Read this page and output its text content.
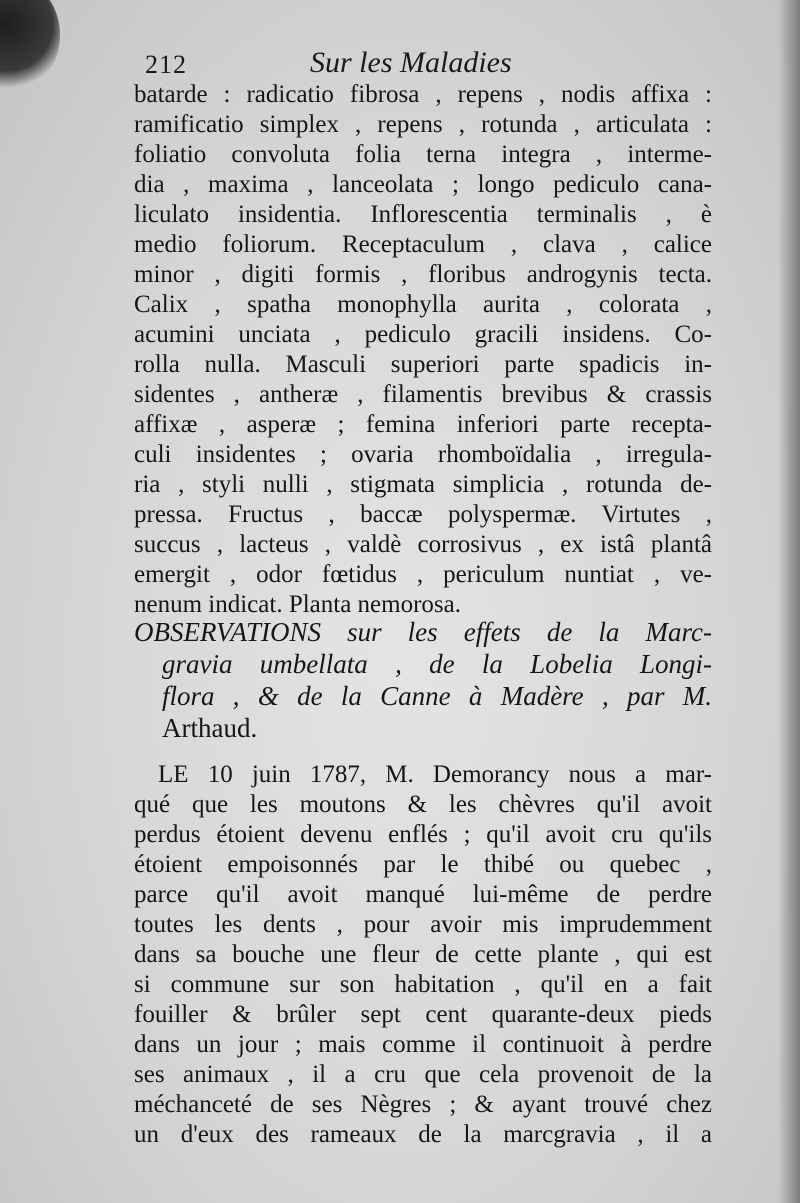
212	Sur les Maladies
batarde : radicatio fibrosa , repens , nodis affixa :
ramificatio simplex , repens , rotunda , articulata :
foliatio convoluta folia terna integra , interme-
dia , maxima , lanceolata ; longo pediculo cana-
liculato insidentia. Inflorescentia terminalis , è
medio foliorum. Receptaculum , clava , calice
minor , digiti formis , floribus androgynis tecta.
Calix , spatha monophylla aurita , colorata ,
acumini unciata , pediculo gracili insidens. Co-
rolla nulla. Masculi superiori parte spadicis in-
sidentes , antheræ , filamentis brevibus & crassis
affixæ , asperæ ; femina inferiori parte recepta-
culi insidentes ; ovaria rhomboïdalia , irregula-
ria , styli nulli , stigmata simplicia , rotunda de-
pressa. Fructus , baccæ polyspermæ. Virtutes ,
succus , lacteus , valdè corrosivus , ex istâ plantâ
emergit , odor fœtidus , periculum nuntiat , ve-
nenum indicat. Planta nemorosa.
OBSERVATIONS sur les effets de la Marc-
gravia umbellata , de la Lobelia Longi-
flora , & de la Canne à Madère , par M.
Arthaud.
LE 10 juin 1787, M. Demorancy nous a mar-
qué que les moutons & les chèvres qu'il avoit
perdus étoient devenu enflés ; qu'il avoit cru qu'ils
étoient empoisonnés par le thibé ou quebec ,
parce qu'il avoit manqué lui-même de perdre
toutes les dents , pour avoir mis imprudemment
dans sa bouche une fleur de cette plante , qui est
si commune sur son habitation , qu'il en a fait
fouiller & brûler sept cent quarante-deux pieds
dans un jour ; mais comme il continuoit à perdre
ses animaux , il a cru que cela provenoit de la
méchanceté de ses Nègres ; & ayant trouvé chez
un d'eux des rameaux de la marcgravia , il a
